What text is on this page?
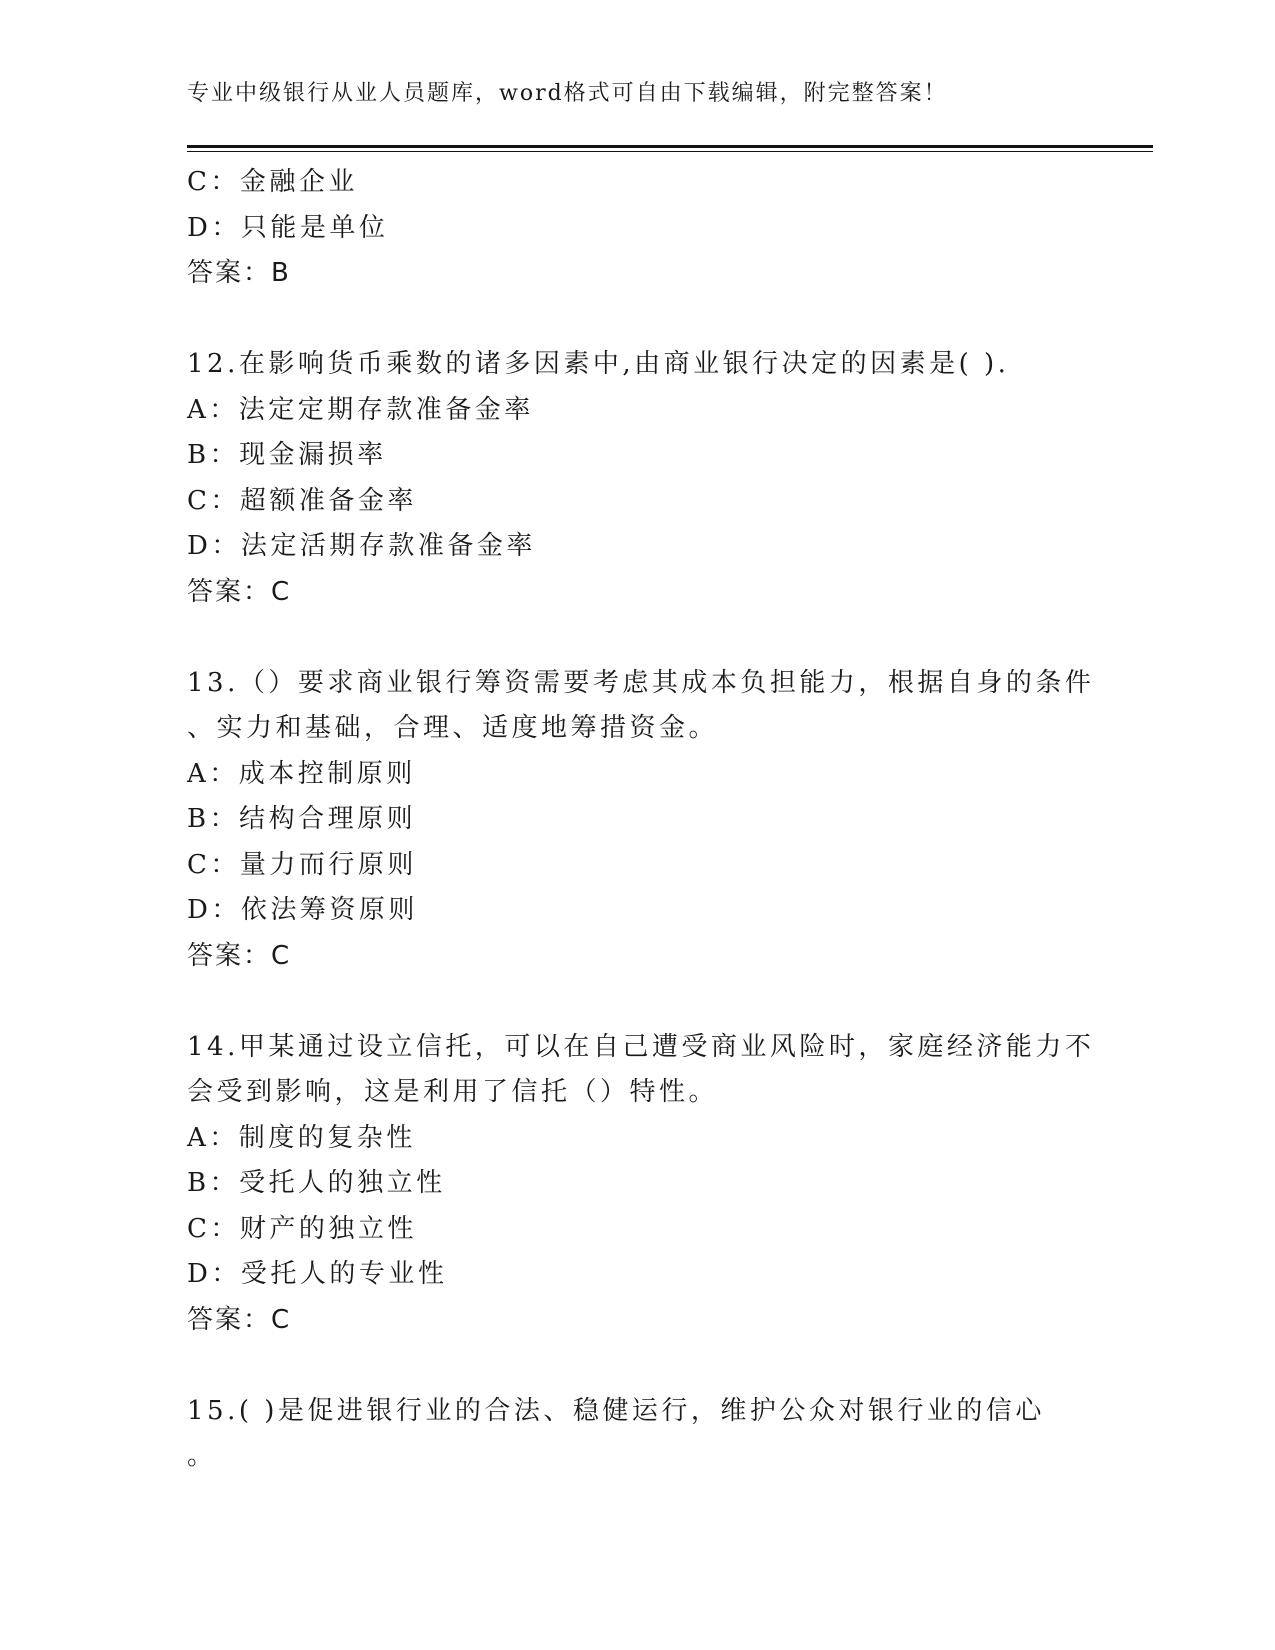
专业中级银行从业人员题库，word格式可自由下载编辑，附完整答案！
C：金融企业
D：只能是单位
答案：B
12.在影响货币乘数的诸多因素中,由商业银行决定的因素是( ).
A：法定定期存款准备金率
B：现金漏损率
C：超额准备金率
D：法定活期存款准备金率
答案：C
13.（）要求商业银行筹资需要考虑其成本负担能力，根据自身的条件
、实力和基础，合理、适度地筹措资金。
A：成本控制原则
B：结构合理原则
C：量力而行原则
D：依法筹资原则
答案：C
14.甲某通过设立信托，可以在自己遭受商业风险时，家庭经济能力不
会受到影响，这是利用了信托（）特性。
A：制度的复杂性
B：受托人的独立性
C：财产的独立性
D：受托人的专业性
答案：C
15.( )是促进银行业的合法、稳健运行，维护公众对银行业的信心
。
